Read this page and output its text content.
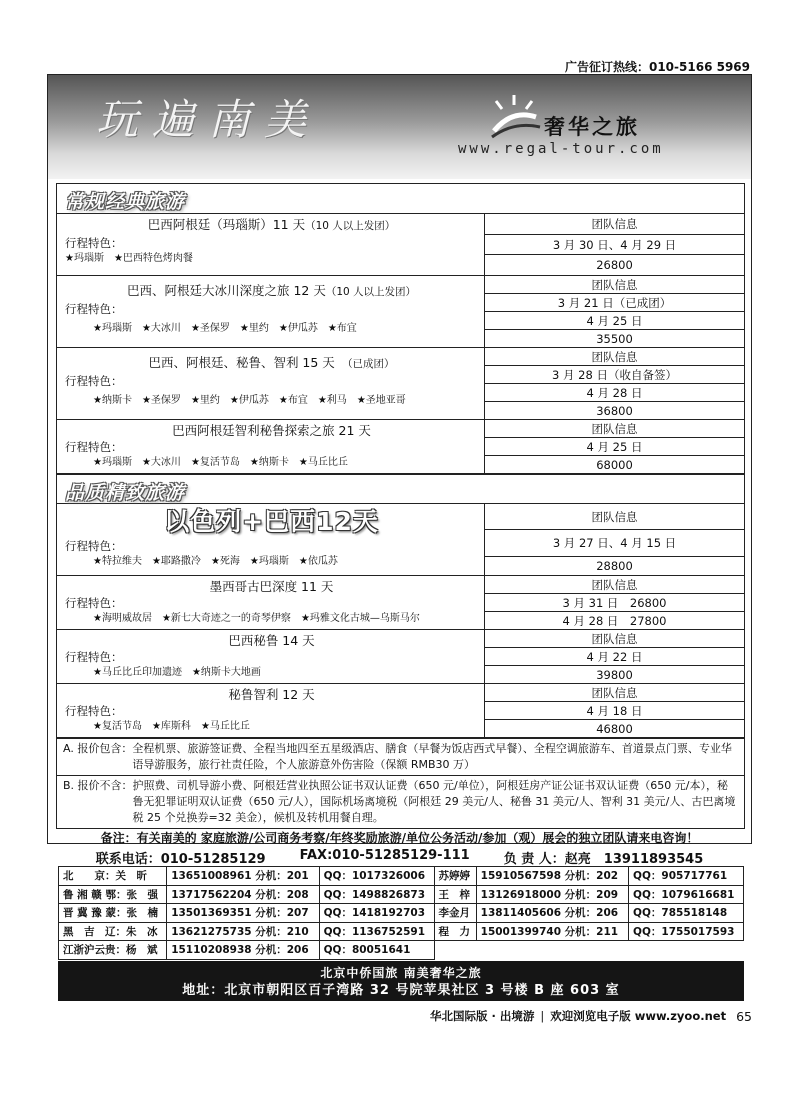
广告征订热线：010-5166 5969
玩遍南美	奢华之旅
www.regal-tour.com
常规经典旅游
巴西阿根廷（玛瑙斯）11 天（10 人以上发团）
行程特色：
★玛瑙斯 ★巴西特色烤肉餐
团队信息
3 月 30 日、4 月 29 日
26800
巴西、阿根廷大冰川深度之旅 12 天（10 人以上发团）
行程特色：
★玛瑙斯 ★大冰川 ★圣保罗 ★里约 ★伊瓜苏 ★布宜
团队信息
3 月 21 日（已成团）
4 月 25 日
35500
巴西、阿根廷、秘鲁、智利 15 天　 （已成团）
行程特色：
★纳斯卡 ★圣保罗 ★里约 ★伊瓜苏 ★布宜 ★利马 ★圣地亚哥
团队信息
3 月 28 日（收自备签）
4 月 28 日
36800
巴西阿根廷智利秘鲁探索之旅 21 天
行程特色：
★玛瑙斯 ★大冰川 ★复活节岛 ★纳斯卡 ★马丘比丘
团队信息
4 月 25 日
68000
品质精致旅游
以色列+巴西12天
行程特色：
★特拉维夫 ★耶路撒冷 ★死海 ★玛瑙斯 ★依瓜苏
团队信息
3 月 27 日、4 月 15 日
28800
墨西哥古巴深度 11 天
行程特色：
★海明威故居 ★新七大奇迹之一的奇琴伊察 ★玛雅文化古城—乌斯马尔
团队信息
3 月 31 日　26800
4 月 28 日　27800
巴西秘鲁 14 天
行程特色：
★马丘比丘印加遗迹 ★纳斯卡大地画
团队信息
4 月 22 日
39800
秘鲁智利 12 天
行程特色：
★复活节岛 ★库斯科 ★马丘比丘
团队信息
4 月 18 日
46800
A. 报价包含： 全程机票、旅游签证费、全程当地四至五星级酒店、膳食（早餐为饭店西式早餐）、全程空调旅游车、首道景点门票、专业华语导游服务，旅行社责任险，个人旅游意外伤害险（保额 RMB30 万）
B. 报价不含： 护照费、司机导游小费、阿根廷营业执照公证书双认证费（650 元/单位），阿根廷房产证公证书双认证费（650 元/本），秘鲁无犯罪证明双认证费（650 元/人），国际机场离境税（阿根廷 29 美元/人、秘鲁 31 美元/人、智利 31 美元/人、古巴离境税 25 个兑换券=32 美金），候机及转机用餐自理。
备注：有关南美的 家庭旅游/公司商务考察/年终奖励旅游/单位公务活动/参加（观）展会的独立团队请来电咨询！
联系电话：010-51285129	FAX:010-51285129-111	负 责 人：赵亮　13911893545
北　　京：关　昕	13651008961 分机：201	QQ：1017326006	苏婷婷	15910567598 分机：202	QQ：905717761
鲁 湘 赣 鄂：张　强	13717562204 分机：208	QQ：1498826873	王　梓	13126918000 分机：209	QQ：1079616681
晋 冀 豫 蒙：张　楠	13501369351 分机：207	QQ：1418192703	李金月	13811405606 分机：206	QQ：785518148
黑　吉　辽：朱　冰	13621275735 分机：210	QQ：1136752591	程　力	15001399740 分机：211	QQ：1755017593
江浙沪云贵：杨　斌	15110208938 分机：206	QQ：80051641			
北京中侨国旅 南美奢华之旅
地址：北京市朝阳区百子湾路 32 号院苹果社区 3 号楼 B 座 603 室
华北国际版 · 出境游 | 欢迎浏览电子版 www.zyoo.net 65
